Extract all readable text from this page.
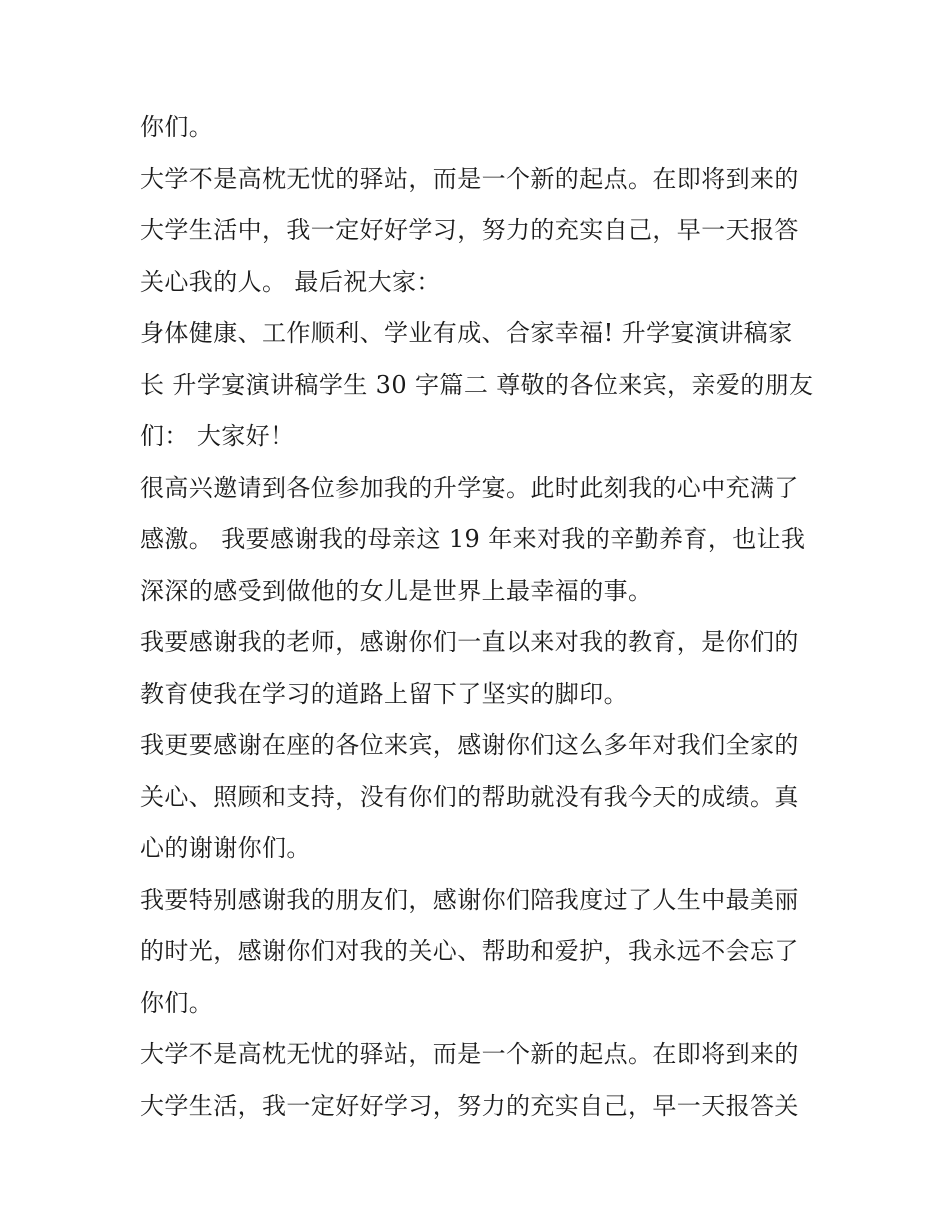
你们。
大学不是高枕无忧的驿站，而是一个新的起点。在即将到来的
大学生活中，我一定好好学习，努力的充实自己，早一天报答
关心我的人。 最后祝大家：
身体健康、工作顺利、学业有成、合家幸福! 升学宴演讲稿家
长 升学宴演讲稿学生 30 字篇二 尊敬的各位来宾，亲爱的朋友
们： 大家好！
很高兴邀请到各位参加我的升学宴。此时此刻我的心中充满了
感激。 我要感谢我的母亲这 19 年来对我的辛勤养育，也让我
深深的感受到做他的女儿是世界上最幸福的事。
我要感谢我的老师，感谢你们一直以来对我的教育，是你们的
教育使我在学习的道路上留下了坚实的脚印。
我更要感谢在座的各位来宾，感谢你们这么多年对我们全家的
关心、照顾和支持，没有你们的帮助就没有我今天的成绩。真
心的谢谢你们。
我要特别感谢我的朋友们，感谢你们陪我度过了人生中最美丽
的时光，感谢你们对我的关心、帮助和爱护，我永远不会忘了
你们。
大学不是高枕无忧的驿站，而是一个新的起点。在即将到来的
大学生活，我一定好好学习，努力的充实自己，早一天报答关
